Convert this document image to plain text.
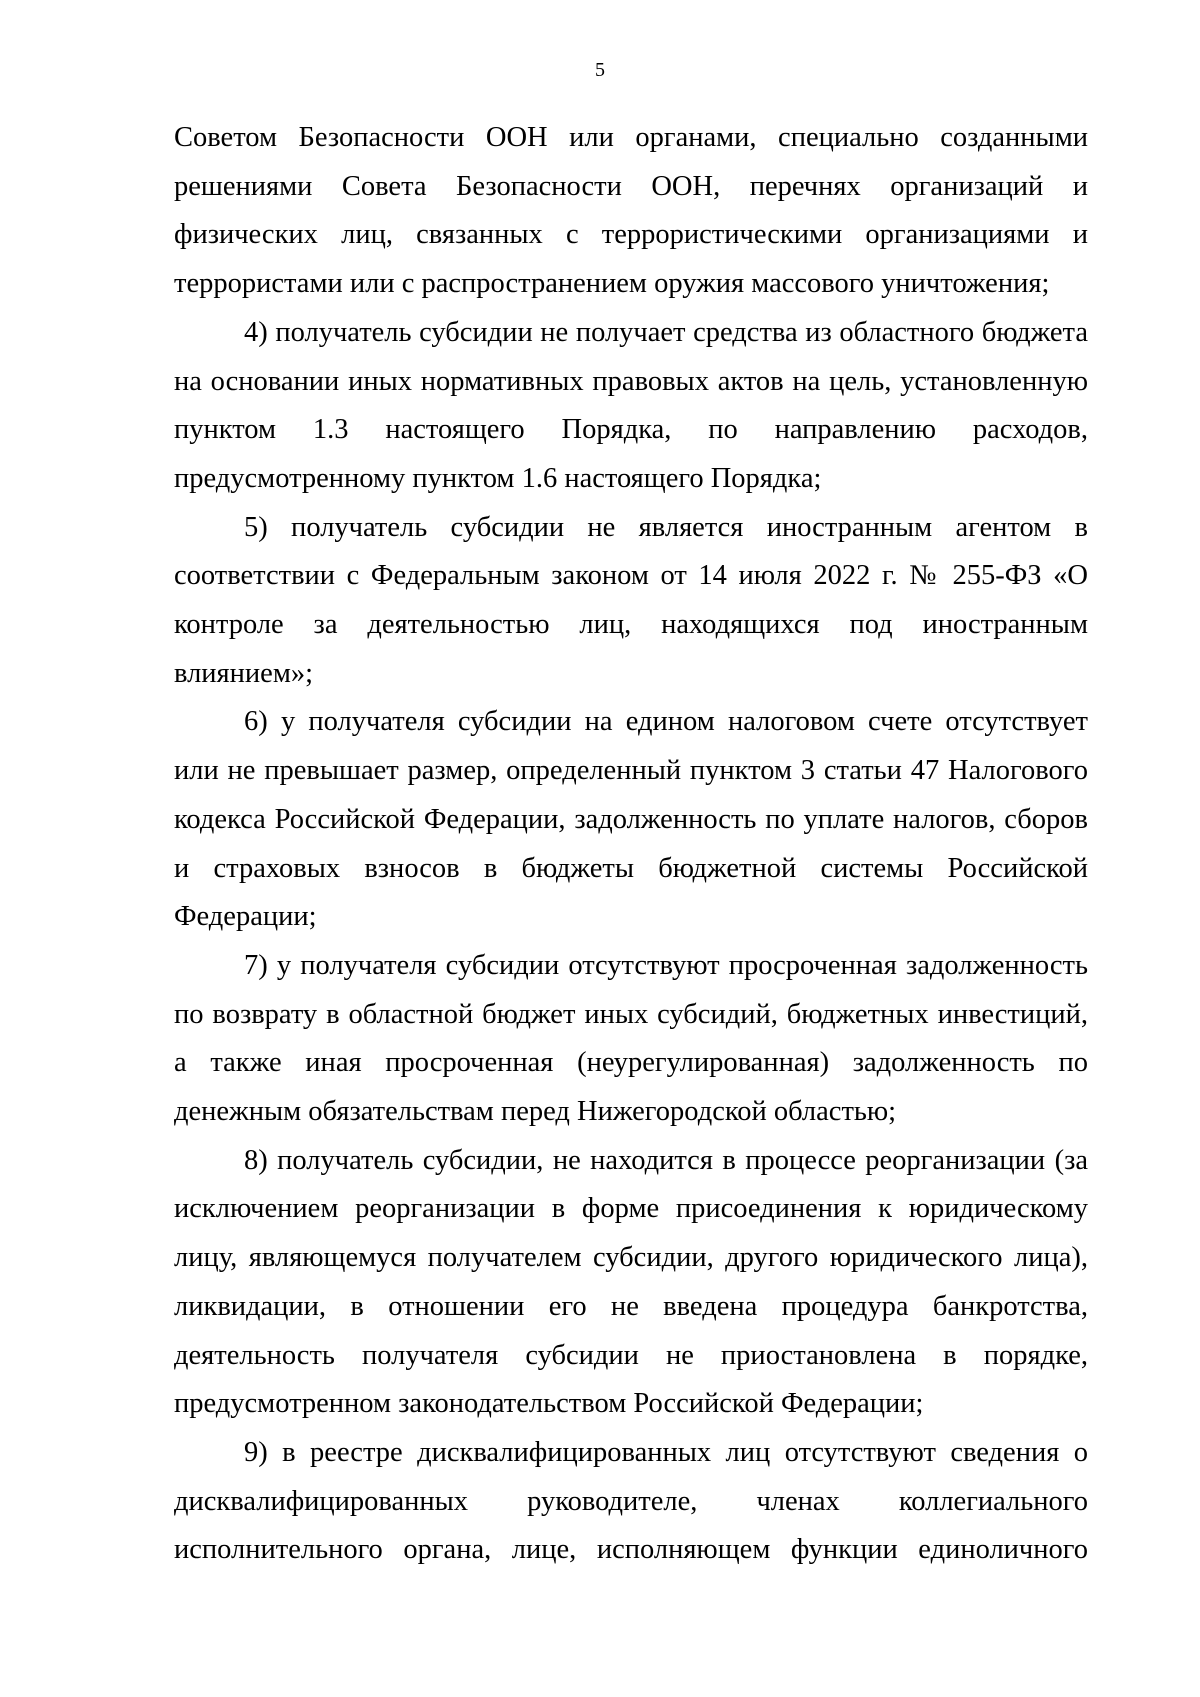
5

Советом Безопасности ООН или органами, специально созданными решениями Совета Безопасности ООН, перечнях организаций и физических лиц, связанных с террористическими организациями и террористами или с распространением оружия массового уничтожения;

4) получатель субсидии не получает средства из областного бюджета на основании иных нормативных правовых актов на цель, установленную пунктом 1.3 настоящего Порядка, по направлению расходов, предусмотренному пунктом 1.6 настоящего Порядка;

5) получатель субсидии не является иностранным агентом в соответствии с Федеральным законом от 14 июля 2022 г. № 255-ФЗ «О контроле за деятельностью лиц, находящихся под иностранным влиянием»;

6) у получателя субсидии на едином налоговом счете отсутствует или не превышает размер, определенный пунктом 3 статьи 47 Налогового кодекса Российской Федерации, задолженность по уплате налогов, сборов и страховых взносов в бюджеты бюджетной системы Российской Федерации;

7) у получателя субсидии отсутствуют просроченная задолженность по возврату в областной бюджет иных субсидий, бюджетных инвестиций, а также иная просроченная (неурегулированная) задолженность по денежным обязательствам перед Нижегородской областью;

8) получатель субсидии, не находится в процессе реорганизации (за исключением реорганизации в форме присоединения к юридическому лицу, являющемуся получателем субсидии, другого юридического лица), ликвидации, в отношении его не введена процедура банкротства, деятельность получателя субсидии не приостановлена в порядке, предусмотренном законодательством Российской Федерации;

9) в реестре дисквалифицированных лиц отсутствуют сведения о дисквалифицированных руководителе, членах коллегиального исполнительного органа, лице, исполняющем функции единоличного
